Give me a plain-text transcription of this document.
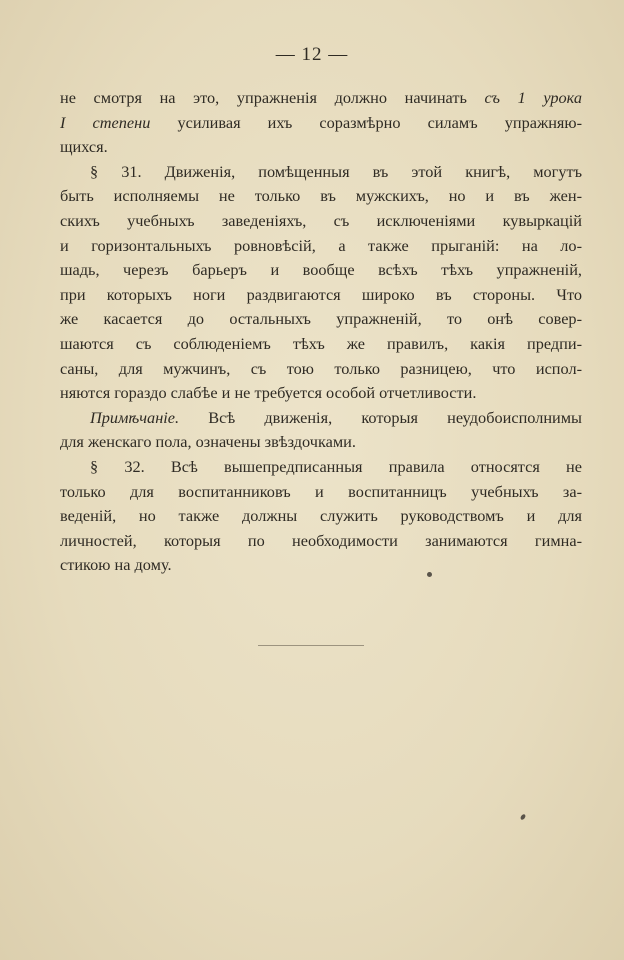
— 12 —
не смотря на это, упражненія должно начинать съ 1 урока
I степени усиливая ихъ соразмѣрно силамъ упражняю-
щихся.
§ 31. Движенія, помѣщенныя въ этой книгѣ, могутъ
быть исполняемы не только въ мужскихъ, но и въ жен-
скихъ учебныхъ заведеніяхъ, съ исключеніями кувыркацій
и горизонтальныхъ ровновѣсій, а также прыганій: на ло-
шадь, черезъ барьеръ и вообще всѣхъ тѣхъ упражненій,
при которыхъ ноги раздвигаются широко въ стороны. Что
же касается до остальныхъ упражненій, то онѣ совер-
шаются съ соблюденіемъ тѣхъ же правилъ, какія предпи-
саны, для мужчинъ, съ тою только разницею, что испол-
няются гораздо слабѣе и не требуется особой отчетливости.
Примѣчаніе. Всѣ движенія, которыя неудобоисполнимы
для женскаго пола, означены звѣздочками.
§ 32. Всѣ вышепредписанныя правила относятся не
только для воспитанниковъ и воспитанницъ учебныхъ за-
веденій, но также должны служить руководствомъ и для
личностей, которыя по необходимости занимаются гимна-
стикою на дому.
